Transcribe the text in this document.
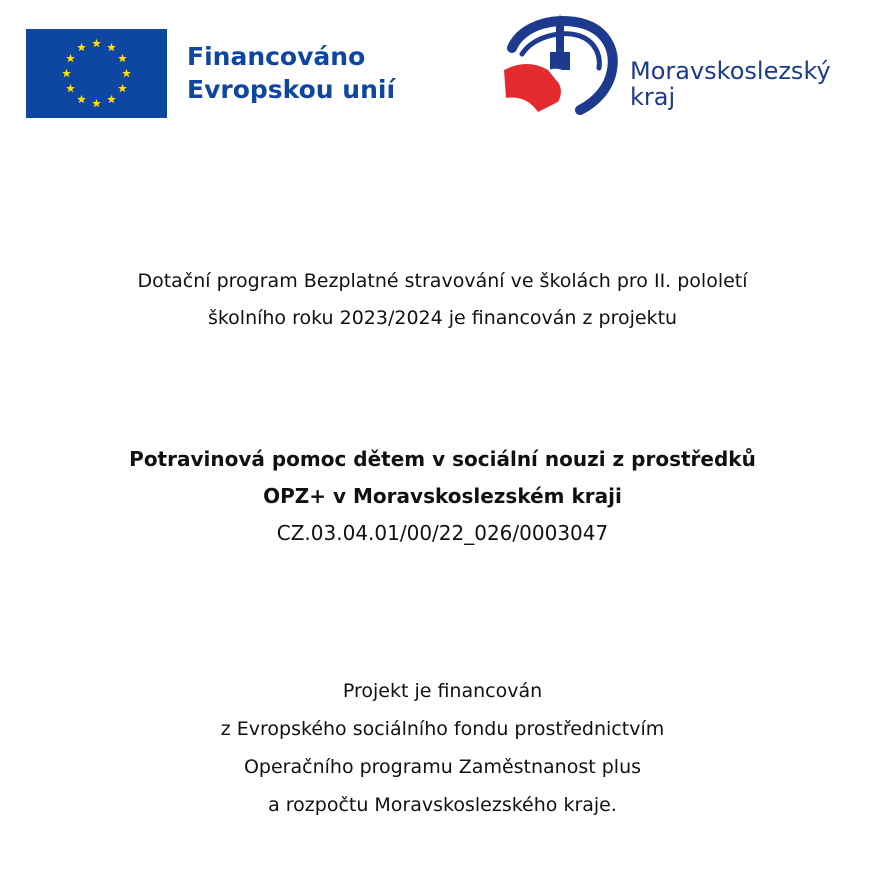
Financováno
Evropskou unií
Moravskoslezský
kraj
Dotační program Bezplatné stravování ve školách pro II. pololetí
školního roku 2023/2024 je financován z projektu
Potravinová pomoc dětem v sociální nouzi z prostředků
OPZ+ v Moravskoslezském kraji
CZ.03.04.01/00/22_026/0003047
Projekt je financován
z Evropského sociálního fondu prostřednictvím
Operačního programu Zaměstnanost plus
a rozpočtu Moravskoslezského kraje.
